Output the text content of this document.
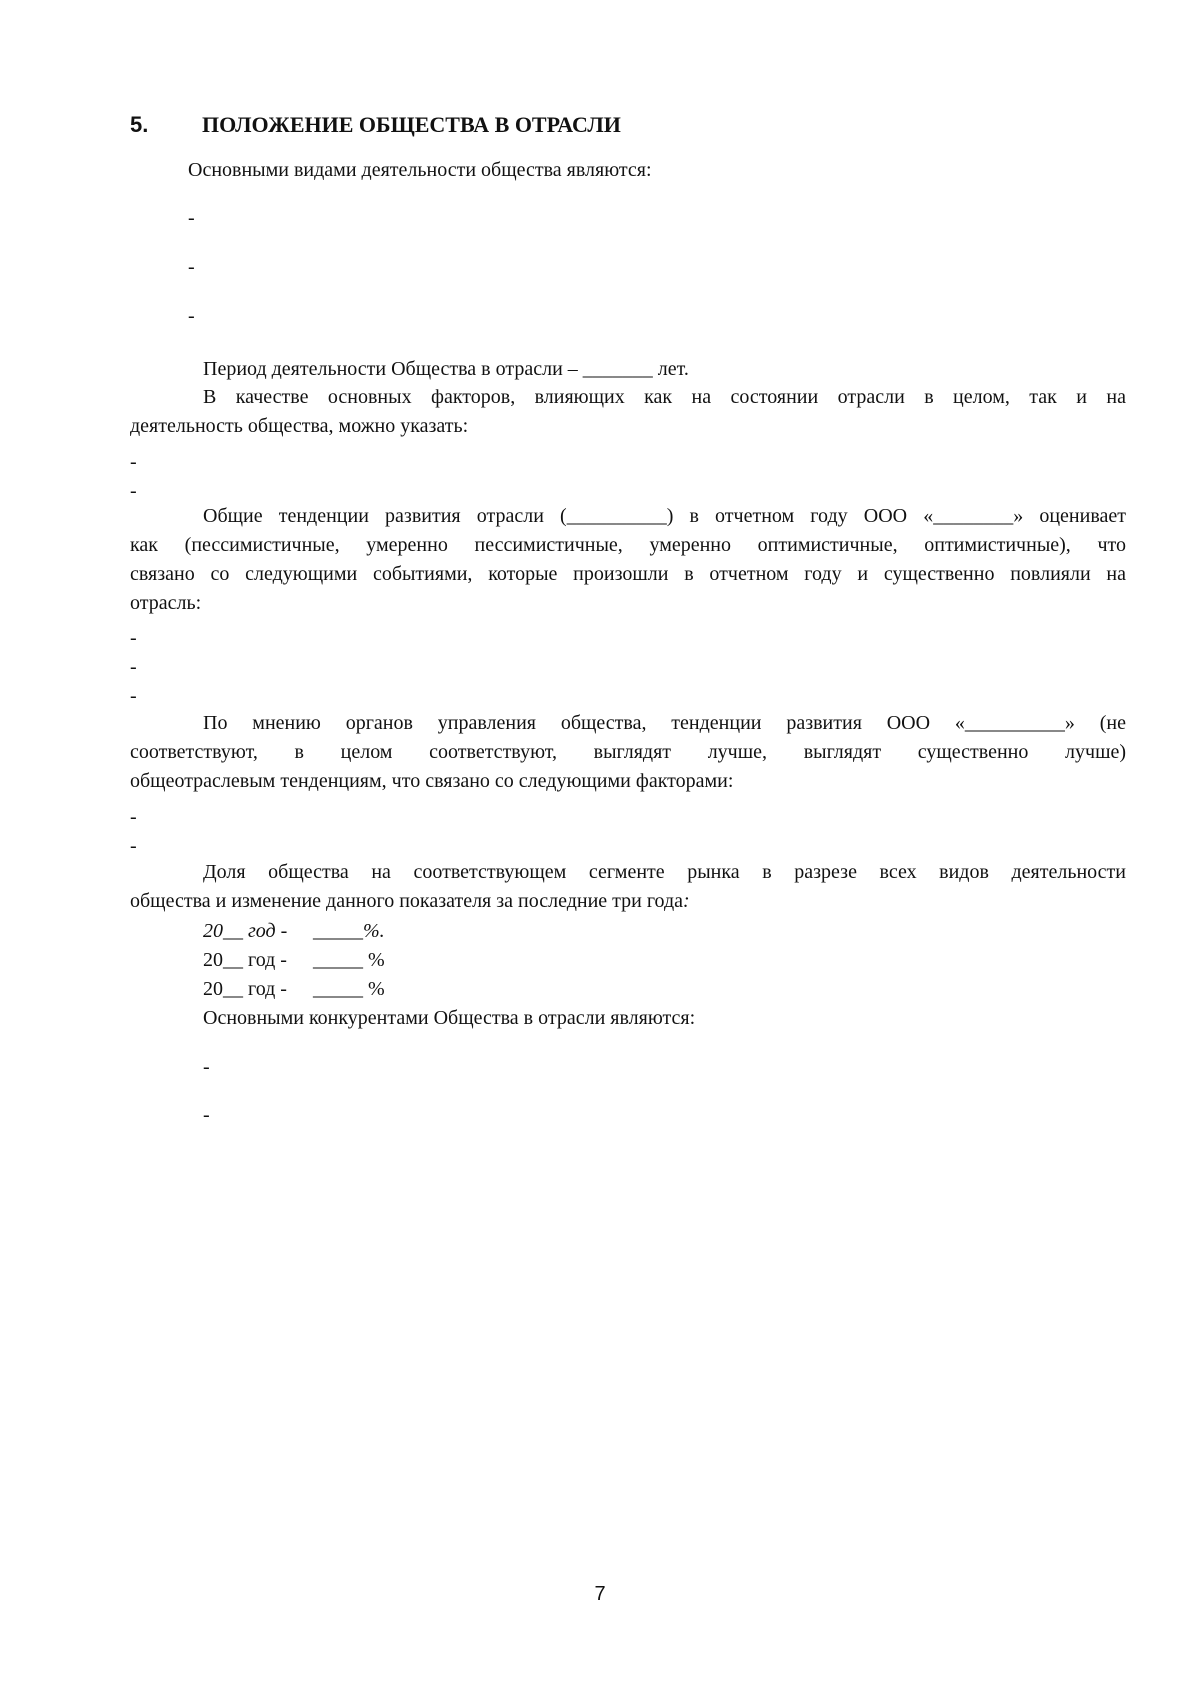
5. ПОЛОЖЕНИЕ ОБЩЕСТВА В ОТРАСЛИ
Основными видами деятельности общества являются:
-
-
-
Период деятельности Общества в отрасли – _______ лет.
В качестве основных факторов, влияющих как на состоянии отрасли в целом, так и на
деятельность общества, можно указать:
-
-
Общие тенденции развития отрасли (__________) в отчетном году ООО «________» оценивает
как (пессимистичные, умеренно пессимистичные, умеренно оптимистичные, оптимистичные), что
связано со следующими событиями, которые произошли в отчетном году и существенно повлияли на
отрасль:
-
-
-
По мнению органов управления общества, тенденции развития ООО «__________» (не
соответствуют, в целом соответствуют, выглядят лучше, выглядят существенно лучше)
общеотраслевым тенденциям, что связано со следующими факторами:
-
-
Доля общества на соответствующем сегменте рынка в разрезе всех видов деятельности
общества и изменение данного показателя за последние три года:
20__ год - _____%.
20__ год - _____ %
20__ год - _____ %
Основными конкурентами Общества в отрасли являются:
-
-
7
